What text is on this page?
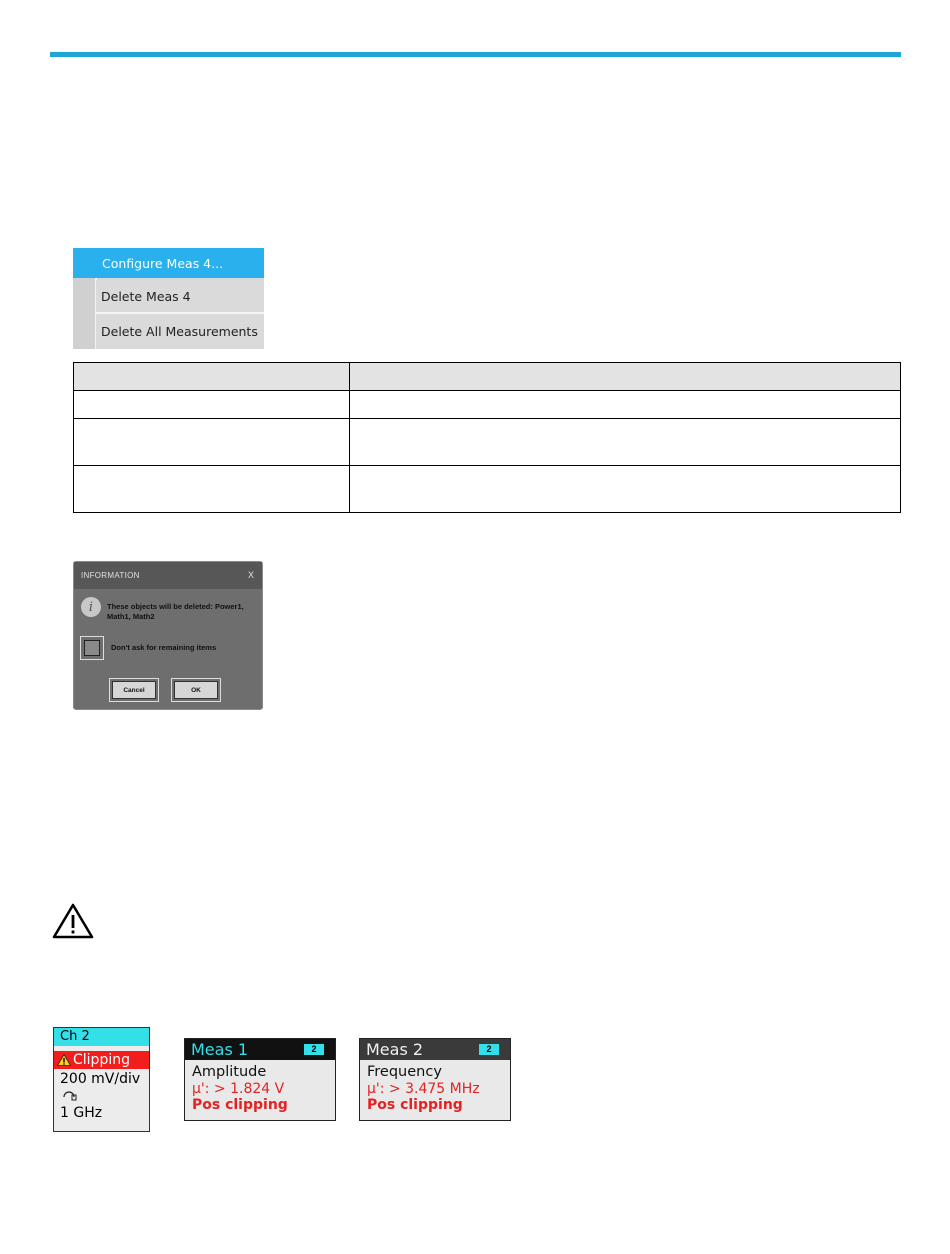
Configure Meas 4...
Delete Meas 4
Delete All Measurements

INFORMATION	X
i	These objects will be deleted: Power1, Math1, Math2
Don't ask for remaining items
Cancel	OK
Ch 2
Clipping
200 mV/div
1 GHz
Meas 1	2
Amplitude
µ': > 1.824 V
Pos clipping
Meas 2	2
Frequency
µ': > 3.475 MHz
Pos clipping
